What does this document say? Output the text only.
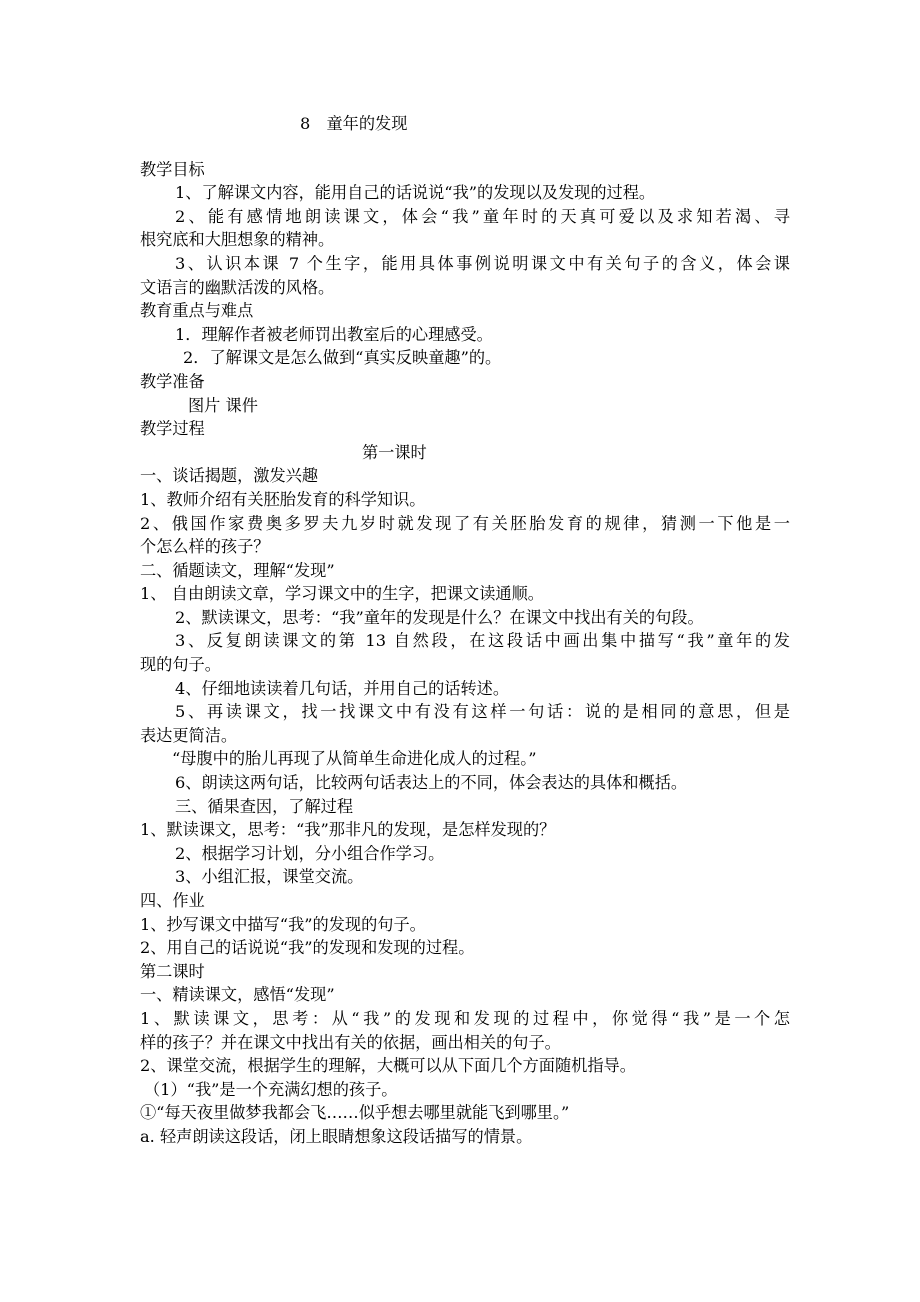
8　童年的发现
教学目标
1、了解课文内容，能用自己的话说说“我”的发现以及发现的过程。
2、能有感情地朗读课文，体会“我”童年时的天真可爱以及求知若渴、寻
根究底和大胆想象的精神。
3、认识本课 7 个生字，能用具体事例说明课文中有关句子的含义，体会课
文语言的幽默活泼的风格。
教育重点与难点
1．理解作者被老师罚出教室后的心理感受。
2．了解课文是怎么做到“真实反映童趣”的。
教学准备
图片 课件
教学过程
第一课时
一、谈话揭题，激发兴趣
1、教师介绍有关胚胎发育的科学知识。
2、俄国作家费奥多罗夫九岁时就发现了有关胚胎发育的规律，猜测一下他是一
个怎么样的孩子？
二、循题读文，理解“发现”
1、 自由朗读文章，学习课文中的生字，把课文读通顺。
2、默读课文，思考：“我”童年的发现是什么？在课文中找出有关的句段。
3、反复朗读课文的第 13 自然段，在这段话中画出集中描写“我”童年的发
现的句子。
4、仔细地读读着几句话，并用自己的话转述。
5、再读课文，找一找课文中有没有这样一句话：说的是相同的意思，但是
表达更简洁。
“母腹中的胎儿再现了从简单生命进化成人的过程。”
6、朗读这两句话，比较两句话表达上的不同，体会表达的具体和概括。
三、循果查因，了解过程
1、默读课文，思考：“我”那非凡的发现，是怎样发现的？
2、根据学习计划，分小组合作学习。
3、小组汇报，课堂交流。
四、作业
1、抄写课文中描写“我”的发现的句子。
2、用自己的话说说“我”的发现和发现的过程。
第二课时
一、精读课文，感悟“发现”
1、默读课文，思考：从“我”的发现和发现的过程中，你觉得“我”是一个怎
样的孩子？并在课文中找出有关的依据，画出相关的句子。
2、课堂交流，根据学生的理解，大概可以从下面几个方面随机指导。
（1）“我”是一个充满幻想的孩子。
①“每天夜里做梦我都会飞……似乎想去哪里就能飞到哪里。”
a. 轻声朗读这段话，闭上眼睛想象这段话描写的情景。
